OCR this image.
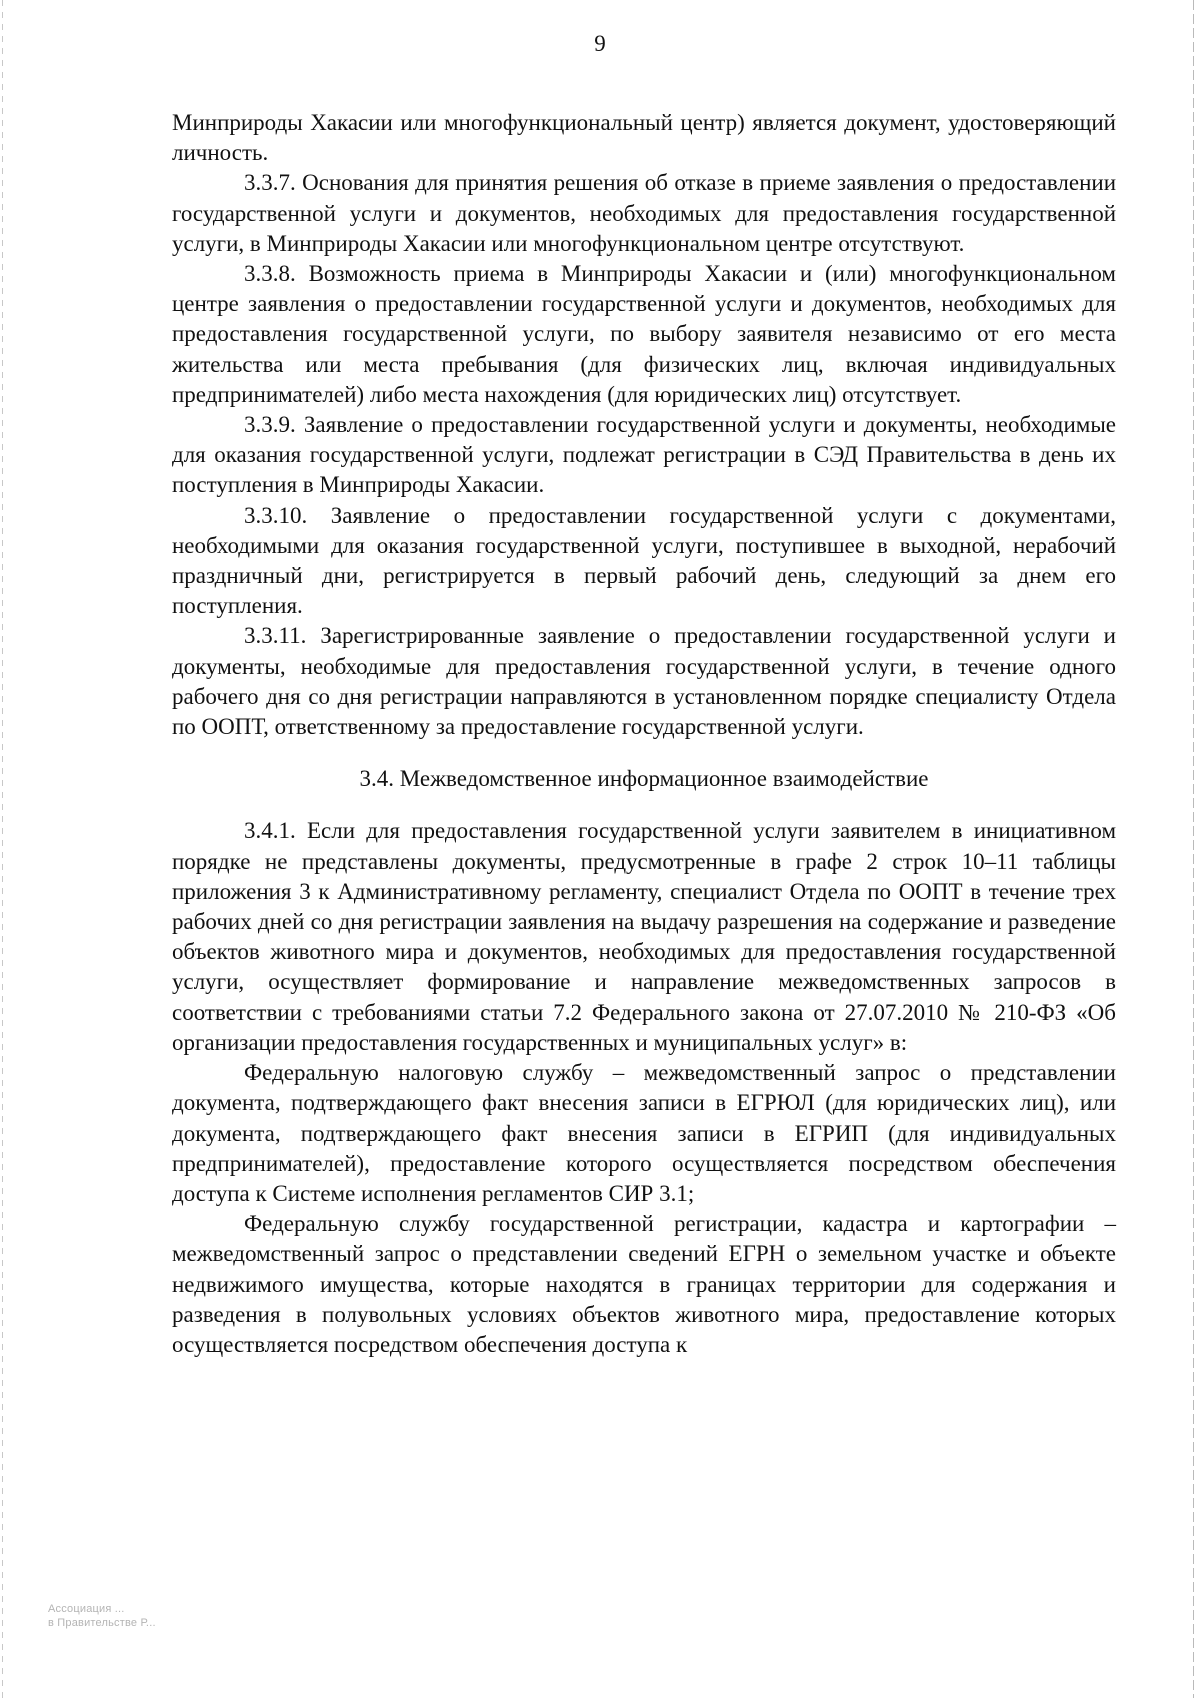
9

Минприроды Хакасии или многофункциональный центр) является документ, удостоверяющий личность.

3.3.7. Основания для принятия решения об отказе в приеме заявления о предоставлении государственной услуги и документов, необходимых для предоставления государственной услуги, в Минприроды Хакасии или многофункциональном центре отсутствуют.

3.3.8. Возможность приема в Минприроды Хакасии и (или) многофункциональном центре заявления о предоставлении государственной услуги и документов, необходимых для предоставления государственной услуги, по выбору заявителя независимо от его места жительства или места пребывания (для физических лиц, включая индивидуальных предпринимателей) либо места нахождения (для юридических лиц) отсутствует.

3.3.9. Заявление о предоставлении государственной услуги и документы, необходимые для оказания государственной услуги, подлежат регистрации в СЭД Правительства в день их поступления в Минприроды Хакасии.

3.3.10. Заявление о предоставлении государственной услуги с документами, необходимыми для оказания государственной услуги, поступившее в выходной, нерабочий праздничный дни, регистрируется в первый рабочий день, следующий за днем его поступления.

3.3.11. Зарегистрированные заявление о предоставлении государственной услуги и документы, необходимые для предоставления государственной услуги, в течение одного рабочего дня со дня регистрации направляются в установленном порядке специалисту Отдела по ООПТ, ответственному за предоставление государственной услуги.

3.4. Межведомственное информационное взаимодействие

3.4.1. Если для предоставления государственной услуги заявителем в инициативном порядке не представлены документы, предусмотренные в графе 2 строк 10–11 таблицы приложения 3 к Административному регламенту, специалист Отдела по ООПТ в течение трех рабочих дней со дня регистрации заявления на выдачу разрешения на содержание и разведение объектов животного мира и документов, необходимых для предоставления государственной услуги, осуществляет формирование и направление межведомственных запросов в соответствии с требованиями статьи 7.2 Федерального закона от 27.07.2010 № 210-ФЗ «Об организации предоставления государственных и муниципальных услуг» в:

Федеральную налоговую службу – межведомственный запрос о представлении документа, подтверждающего факт внесения записи в ЕГРЮЛ (для юридических лиц), или документа, подтверждающего факт внесения записи в ЕГРИП (для индивидуальных предпринимателей), предоставление которого осуществляется посредством обеспечения доступа к Системе исполнения регламентов СИР 3.1;

Федеральную службу государственной регистрации, кадастра и картографии – межведомственный запрос о представлении сведений ЕГРН о земельном участке и объекте недвижимого имущества, которые находятся в границах территории для содержания и разведения в полувольных условиях объектов животного мира, предоставление которых осуществляется посредством обеспечения доступа к

Ассоциация ...
в Правительстве Р...
